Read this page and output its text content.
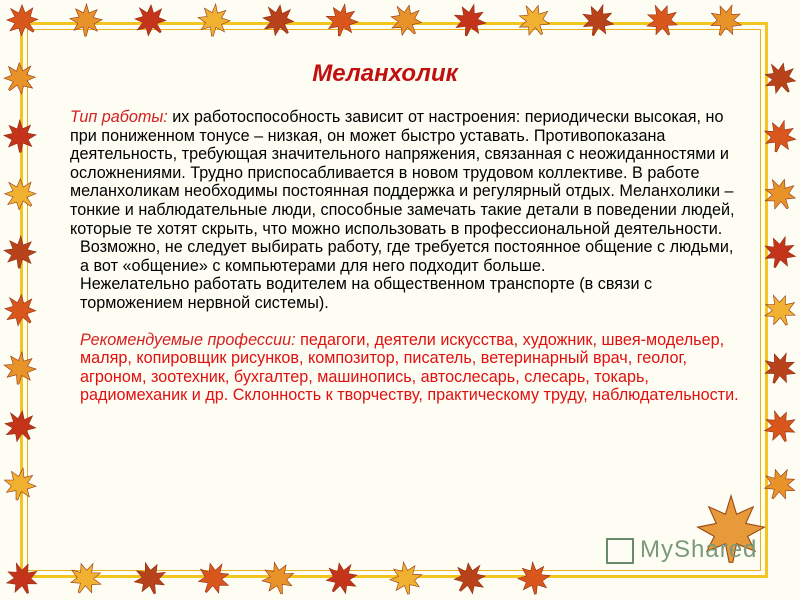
Меланхолик

Тип работы: их работоспособность зависит от настроения: периодически высокая, но при пониженном тонусе – низкая, он может быстро уставать. Противопоказана деятельность, требующая значительного напряжения, связанная с неожиданностями и осложнениями. Трудно приспосабливается в новом трудовом коллективе. В работе меланхоликам необходимы постоянная поддержка и регулярный отдых. Меланхолики – тонкие и наблюдательные люди, способные замечать такие детали в поведении людей, которые те хотят скрыть, что можно использовать в профессиональной деятельности.

Возможно, не следует выбирать работу, где требуется постоянное общение с людьми, а вот «общение» с компьютерами для него подходит больше.

Нежелательно работать водителем на общественном транспорте (в связи с торможением нервной системы).

Рекомендуемые профессии: педагоги, деятели искусства, художник, швея-модельер, маляр, копировщик рисунков, композитор, писатель, ветеринарный врач, геолог, агроном, зоотехник, бухгалтер, машинопись, автослесарь, слесарь, токарь, радиомеханик и др. Склонность к творчеству, практическому труду, наблюдательности.

MyShared
